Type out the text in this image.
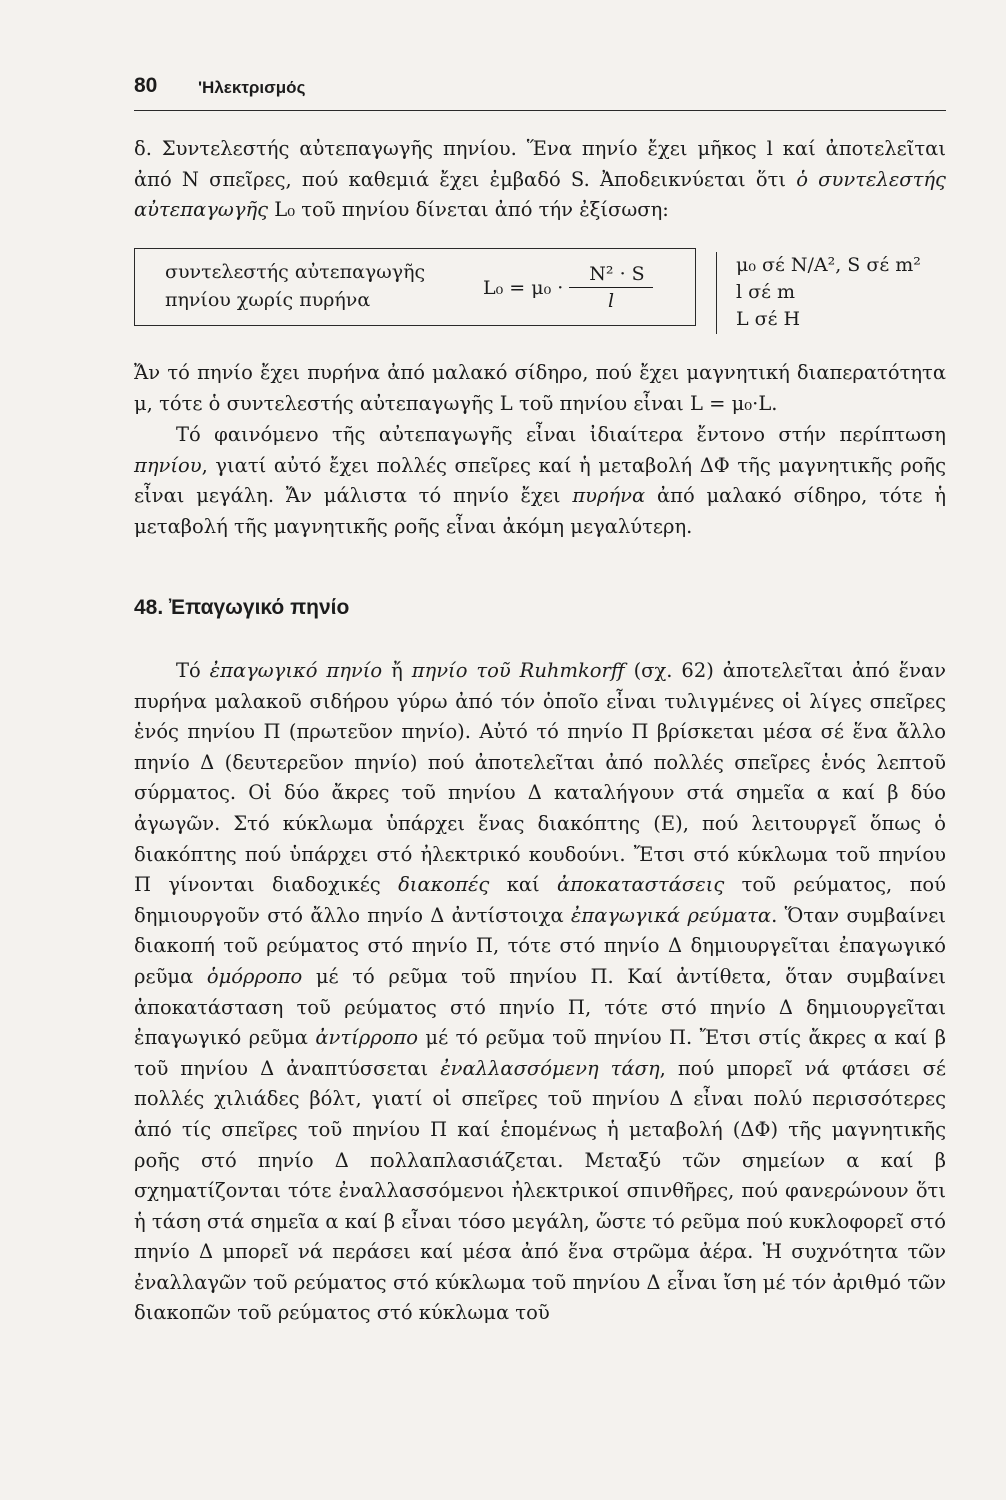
80 'Ηλεκτρισμός
δ. Συντελεστής αὐτεπαγωγῆς πηνίου. Ἕνα πηνίο ἔχει μῆκος l καί ἀποτελεῖται ἀπό Ν σπεῖρες, πού καθεμιά ἔχει ἐμβαδό S. Ἀποδεικνύεται ὅτι ὁ συντελεστής αὐτεπαγωγῆς L₀ τοῦ πηνίου δίνεται ἀπό τήν ἐξίσωση:
συντελεστής αὐτεπαγωγῆς
πηνίου χωρίς πυρήνα
$L_0 = \mu_0 \cdot \frac{\text{N² · S}}{l}$	μ₀ σέ N/A², S σέ m²
l σέ m
L σέ H
Ἄν τό πηνίο ἔχει πυρήνα ἀπό μαλακό σίδηρο, πού ἔχει μαγνητική διαπερατότητα μ, τότε ὁ συντελεστής αὐτεπαγωγῆς L τοῦ πηνίου εἶναι L = μ₀·L.
Τό φαινόμενο τῆς αὐτεπαγωγῆς εἶναι ἰδιαίτερα ἔντονο στήν περίπτωση πηνίου, γιατί αὐτό ἔχει πολλές σπεῖρες καί ἡ μεταβολή ΔΦ τῆς μαγνητικῆς ροῆς εἶναι μεγάλη. Ἄν μάλιστα τό πηνίο ἔχει πυρήνα ἀπό μαλακό σίδηρο, τότε ἡ μεταβολή τῆς μαγνητικῆς ροῆς εἶναι ἀκόμη μεγαλύτερη.
48. Ἐπαγωγικό πηνίο
Τό ἐπαγωγικό πηνίο ἤ πηνίο τοῦ Ruhmkorff (σχ. 62) ἀποτελεῖται ἀπό ἕναν πυρήνα μαλακοῦ σιδήρου γύρω ἀπό τόν ὁποῖο εἶναι τυλιγμένες οἱ λίγες σπεῖρες ἑνός πηνίου Π (πρωτεῦον πηνίο). Αὐτό τό πηνίο Π βρίσκεται μέσα σέ ἕνα ἄλλο πηνίο Δ (δευτερεῦον πηνίο) πού ἀποτελεῖται ἀπό πολλές σπεῖρες ἑνός λεπτοῦ σύρματος. Οἱ δύο ἄκρες τοῦ πηνίου Δ καταλήγουν στά σημεῖα α καί β δύο ἀγωγῶν. Στό κύκλωμα ὑπάρχει ἕνας διακόπτης (Ε), πού λειτουργεῖ ὅπως ὁ διακόπτης πού ὑπάρχει στό ἠλεκτρικό κουδούνι. Ἔτσι στό κύκλωμα τοῦ πηνίου Π γίνονται διαδοχικές διακοπές καί ἀποκαταστάσεις τοῦ ρεύματος, πού δημιουργοῦν στό ἄλλο πηνίο Δ ἀντίστοιχα ἐπαγωγικά ρεύματα. Ὅταν συμβαίνει διακοπή τοῦ ρεύματος στό πηνίο Π, τότε στό πηνίο Δ δημιουργεῖται ἐπαγωγικό ρεῦμα ὁμόρροπο μέ τό ρεῦμα τοῦ πηνίου Π. Καί ἀντίθετα, ὅταν συμβαίνει ἀποκατάσταση τοῦ ρεύματος στό πηνίο Π, τότε στό πηνίο Δ δημιουργεῖται ἐπαγωγικό ρεῦμα ἀντίρροπο μέ τό ρεῦμα τοῦ πηνίου Π. Ἔτσι στίς ἄκρες α καί β τοῦ πηνίου Δ ἀναπτύσσεται ἐναλλασσόμενη τάση, πού μπορεῖ νά φτάσει σέ πολλές χιλιάδες βόλτ, γιατί οἱ σπεῖρες τοῦ πηνίου Δ εἶναι πολύ περισσότερες ἀπό τίς σπεῖρες τοῦ πηνίου Π καί ἑπομένως ἡ μεταβολή (ΔΦ) τῆς μαγνητικῆς ροῆς στό πηνίο Δ πολλαπλασιάζεται. Μεταξύ τῶν σημείων α καί β σχηματίζονται τότε ἐναλλασσόμενοι ἠλεκτρικοί σπινθῆρες, πού φανερώνουν ὅτι ἡ τάση στά σημεῖα α καί β εἶναι τόσο μεγάλη, ὥστε τό ρεῦμα πού κυκλοφορεῖ στό πηνίο Δ μπορεῖ νά περάσει καί μέσα ἀπό ἕνα στρῶμα ἀέρα. Ἡ συχνότητα τῶν ἐναλλαγῶν τοῦ ρεύματος στό κύκλωμα τοῦ πηνίου Δ εἶναι ἴση μέ τόν ἀριθμό τῶν διακοπῶν τοῦ ρεύματος στό κύκλωμα τοῦ
